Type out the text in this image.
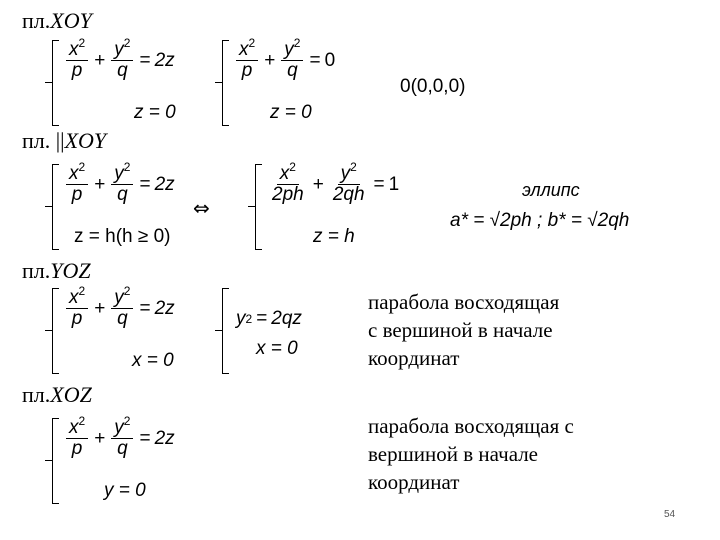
пл.XOY
пл. ||XOY
пл.YOZ
пл.XOZ
$\frac{x^2}{p} + \frac{y^2}{q} = 2z$
z = 0
$\frac{x^2}{p} + \frac{y^2}{q} = 0$
z = 0
0(0,0,0)
$\frac{x^2}{p} + \frac{y^2}{q} = 2z$
z = h(h ≥ 0)
⇔
$\frac{x^2}{2ph} + \frac{y^2}{2qh} = 1$
z = h
эллипс
a* = √2ph ; b* = √2qh
$\frac{x^2}{p} + \frac{y^2}{q} = 2z$
x = 0
y 2 = 2qz
x = 0
парабола восходящая
с вершиной в начале
координат
$\frac{x^2}{p} + \frac{y^2}{q} = 2z$
y = 0
парабола восходящая с
вершиной в начале
координат
54
